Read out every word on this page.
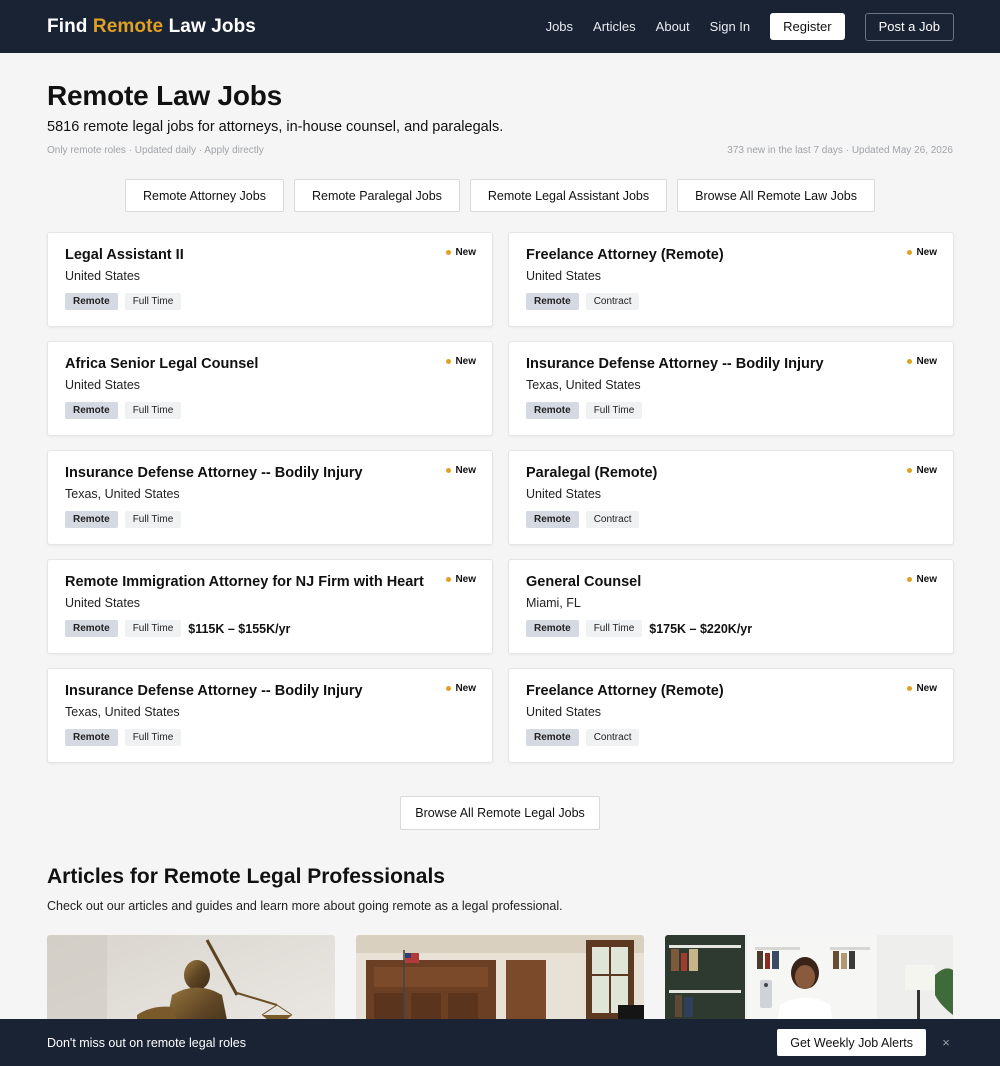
Find Remote Law Jobs	Jobs Articles About Sign In	Register	Post a Job
Remote Law Jobs
5816 remote legal jobs for attorneys, in-house counsel, and paralegals.
Only remote roles · Updated daily · Apply directly	373 new in the last 7 days · Updated May 26, 2026
Remote Attorney Jobs	Remote Paralegal Jobs	Remote Legal Assistant Jobs	Browse All Remote Law Jobs
New
Legal Assistant II
United States
Remote	Full Time
New
Freelance Attorney (Remote)
United States
Remote	Contract
New
Africa Senior Legal Counsel
United States
Remote	Full Time
New
Insurance Defense Attorney -- Bodily Injury
Texas, United States
Remote	Full Time
New
Insurance Defense Attorney -- Bodily Injury
Texas, United States
Remote	Full Time
New
Paralegal (Remote)
United States
Remote	Contract
New
Remote Immigration Attorney for NJ Firm with Heart
United States
Remote	Full Time	$115K – $155K/yr
New
General Counsel
Miami, FL
Remote	Full Time	$175K – $220K/yr
New
Insurance Defense Attorney -- Bodily Injury
Texas, United States
Remote	Full Time
New
Freelance Attorney (Remote)
United States
Remote	Contract
Browse All Remote Legal Jobs
Articles for Remote Legal Professionals
Check out our articles and guides and learn more about going remote as a legal professional.
Don't miss out on remote legal roles	Get Weekly Job Alerts	×
